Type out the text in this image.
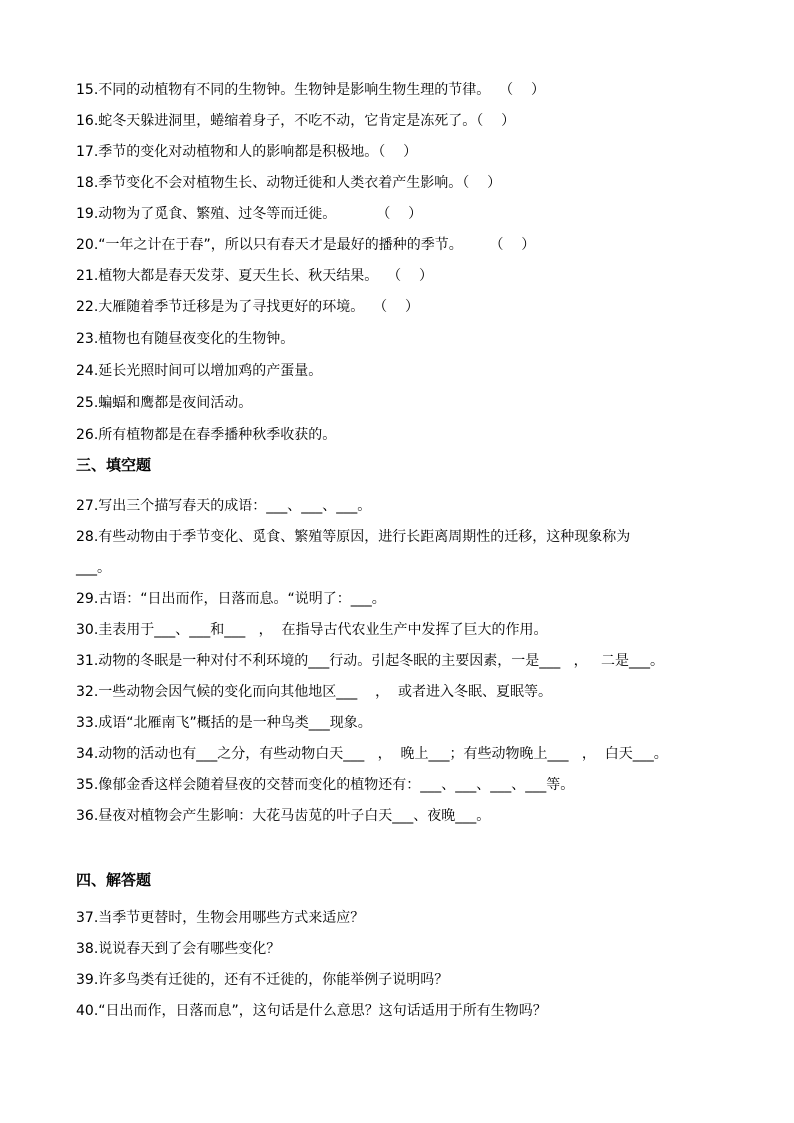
15.不同的动植物有不同的生物钟。生物钟是影响生物生理的节律。  （    ）
16.蛇冬天躲进洞里，蜷缩着身子，不吃不动，它肯定是冻死了。（    ）
17.季节的变化对动植物和人的影响都是积极地。（    ）
18.季节变化不会对植物生长、动物迁徙和人类衣着产生影响。（    ）
19.动物为了觅食、繁殖、过冬等而迁徙。         （    ）
20.“一年之计在于春”，所以只有春天才是最好的播种的季节。      （    ）
21.植物大都是春天发芽、夏天生长、秋天结果。  （    ）
22.大雁随着季节迁移是为了寻找更好的环境。  （    ）
23.植物也有随昼夜变化的生物钟。
24.延长光照时间可以增加鸡的产蛋量。
25.蝙蝠和鹰都是夜间活动。
26.所有植物都是在春季播种秋季收获的。
三、填空题
27.写出三个描写春天的成语：___、___、___。
28.有些动物由于季节变化、觅食、繁殖等原因，进行长距离周期性的迁移，这种现象称为
___。
29.古语：“日出而作，日落而息。“说明了：___。
30.圭表用于___、___和___   ，  在指导古代农业生产中发挥了巨大的作用。
31.动物的冬眠是一种对付不利环境的___行动。引起冬眠的主要因素，一是___   ，   二是___。
32.一些动物会因气候的变化而向其他地区___    ，  或者进入冬眠、夏眠等。
33.成语“北雁南飞”概括的是一种鸟类___现象。
34.动物的活动也有___之分，有些动物白天___   ，  晚上___；有些动物晚上___   ，  白天___。
35.像郁金香这样会随着昼夜的交替而变化的植物还有：___、___、___、___等。
36.昼夜对植物会产生影响：大花马齿苋的叶子白天___、夜晚___。
四、解答题
37.当季节更替时，生物会用哪些方式来适应？
38.说说春天到了会有哪些变化？
39.许多鸟类有迁徙的，还有不迁徙的，你能举例子说明吗？
40.“日出而作，日落而息”，这句话是什么意思？这句话适用于所有生物吗？
